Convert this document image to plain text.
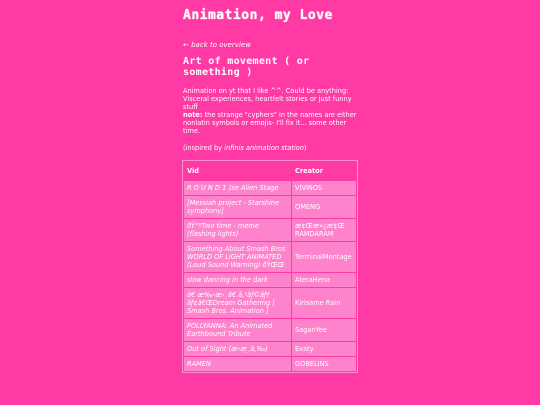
Animation, my Love
← back to overview
Art of movement ( or something )

Animation on yt that I like ^^. Could be anything: Visceral experiences, heartfelt stories or just funny stuff

note: the strange "cyphers" in the names are either nonlatin symbols or emojis- I'll fix it... some other time.

(inspired by infinis animation station)
Vid	Creator
R O U N D 1 ⁒se Alien Stage	VIVINOS
[Messiah project - Starshine symphony]	QMENG
ðŸ“ºTwo time - meme (flashing lights)	æ¢Œæ»¿æ¢Œ RAMDARAM
Something About Smash Bros WORLD OF LIGHT ANIMATED (Loud Sound Warning) ðŸŒŒ	TerminalMontage
slow dancing in the dark	AteraHena
ã€ æ‰‹æ›¸ã€ ã‚¹ãƒ©ãƒ† ãƒ¢ã€ŒDream Gathering [ Smash Bros. Animation ]	Kirisame Rain
POLLYANNA: An Animated Earthbound Tribute	SaganYee
Out of Sight (æ‹æ¸ã‚‰)	Evaty
RAMEN	GOBELINS
